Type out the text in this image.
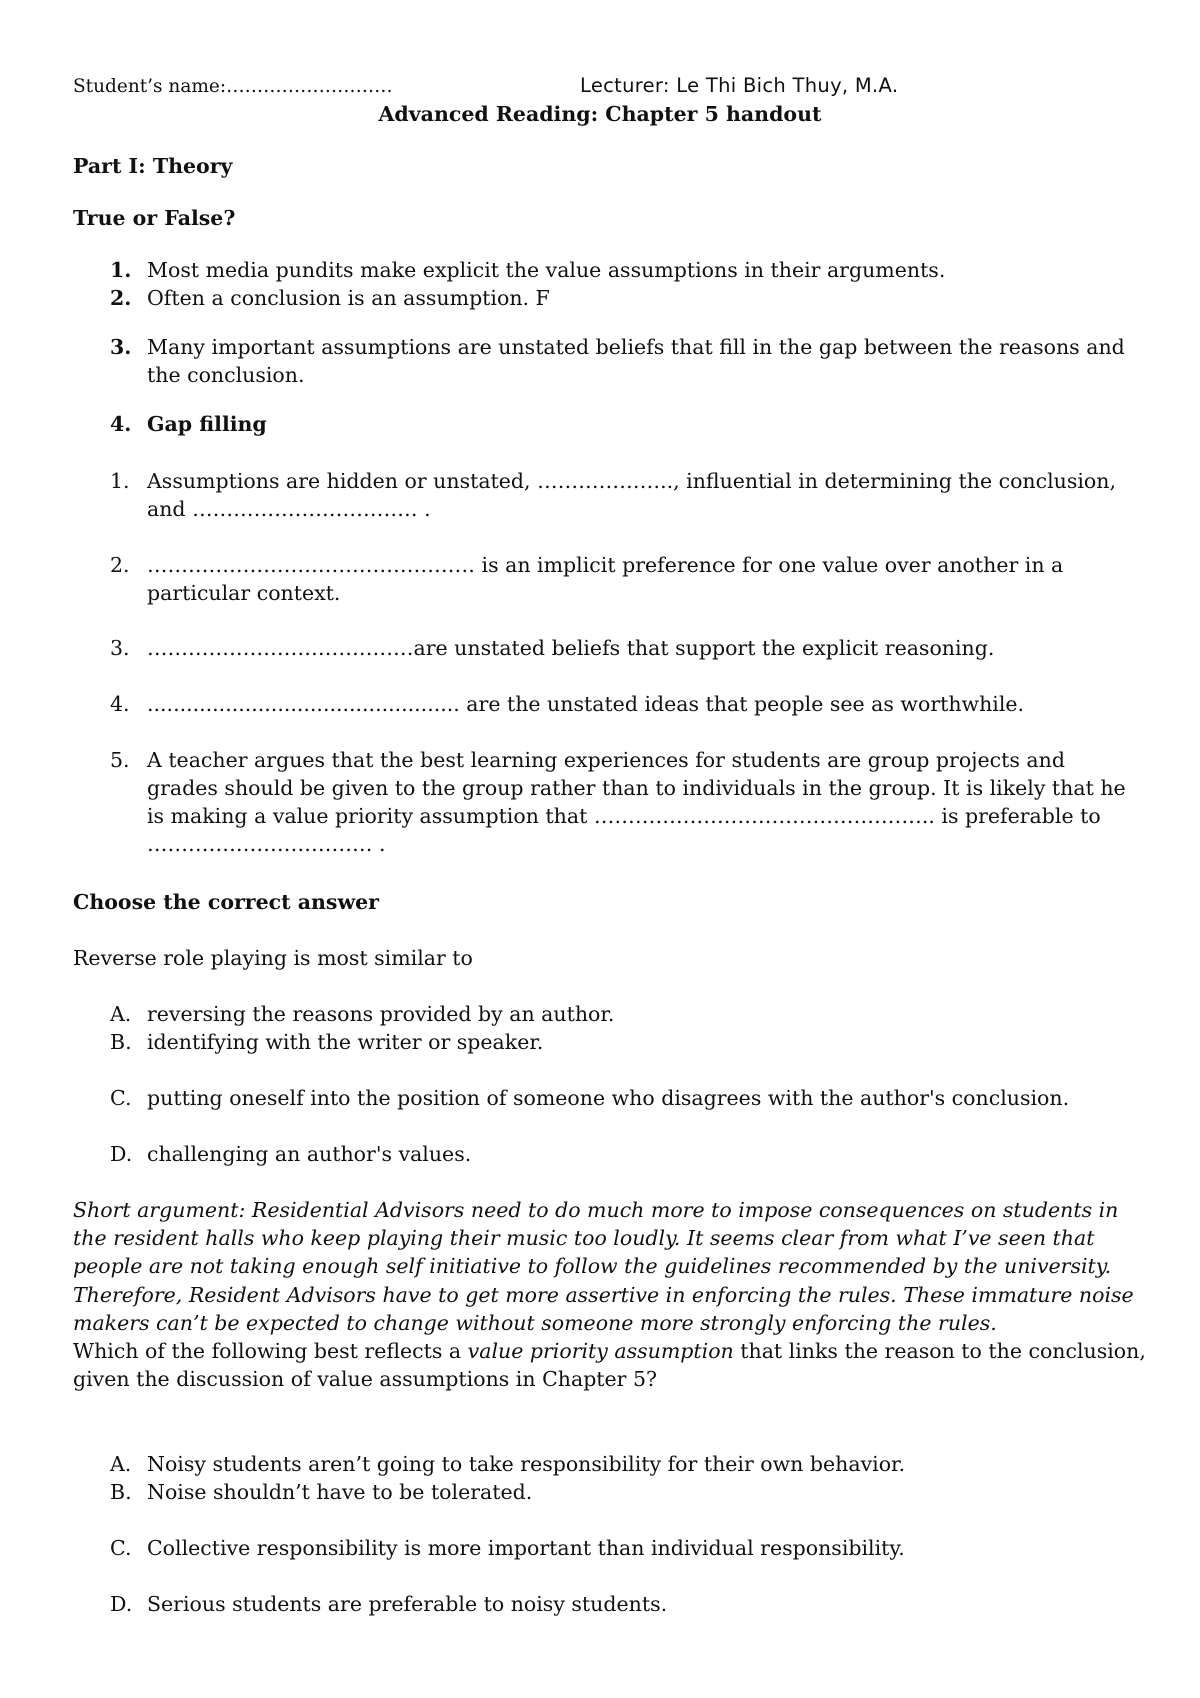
Student’s name:………………………	Lecturer: Le Thi Bich Thuy, M.A.
Advanced Reading: Chapter 5 handout
Part I: Theory
True or False?
1. Most media pundits make explicit the value assumptions in their arguments.
2. Often a conclusion is an assumption. F
3. Many important assumptions are unstated beliefs that fill in the gap between the reasons and the conclusion.
4. Gap filling
1. Assumptions are hidden or unstated, ……………….., influential in determining the conclusion, and …………………………… .
2. ………………………………………… is an implicit preference for one value over another in a particular context.
3. …………………………………are unstated beliefs that support the explicit reasoning.
4. ................................................ are the unstated ideas that people see as worthwhile.
5. A teacher argues that the best learning experiences for students are group projects and grades should be given to the group rather than to individuals in the group. It is likely that he is making a value priority assumption that ………………………………………….. is preferable to …………………………… .
Choose the correct answer
Reverse role playing is most similar to
A. reversing the reasons provided by an author.
B. identifying with the writer or speaker.
C. putting oneself into the position of someone who disagrees with the author's conclusion.
D. challenging an author's values.
Short argument: Residential Advisors need to do much more to impose consequences on students in the resident halls who keep playing their music too loudly. It seems clear from what I’ve seen that people are not taking enough self initiative to follow the guidelines recommended by the university. Therefore, Resident Advisors have to get more assertive in enforcing the rules. These immature noise makers can’t be expected to change without someone more strongly enforcing the rules.
Which of the following best reflects a value priority assumption that links the reason to the conclusion, given the discussion of value assumptions in Chapter 5?
A. Noisy students aren’t going to take responsibility for their own behavior.
B. Noise shouldn’t have to be tolerated.
C. Collective responsibility is more important than individual responsibility.
D. Serious students are preferable to noisy students.
